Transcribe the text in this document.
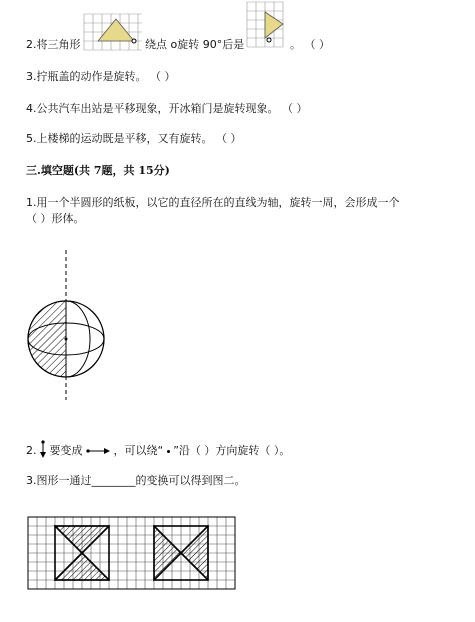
2.将三角形	绕点 o旋转 90°后是	。 （ ）
3.拧瓶盖的动作是旋转。 （ ）
4.公共汽车出站是平移现象，开冰箱门是旋转现象。 （ ）
5.上楼梯的运动既是平移，又有旋转。 （ ）
三.填空题(共 7题，共 15分)
1.用一个半圆形的纸板，以它的直径所在的直线为轴，旋转一周，会形成一个
（ ）形体。
2. 要变成	，可以绕“ ”沿（ ）方向旋转（ ）。
3.图形一通过________的变换可以得到图二。
